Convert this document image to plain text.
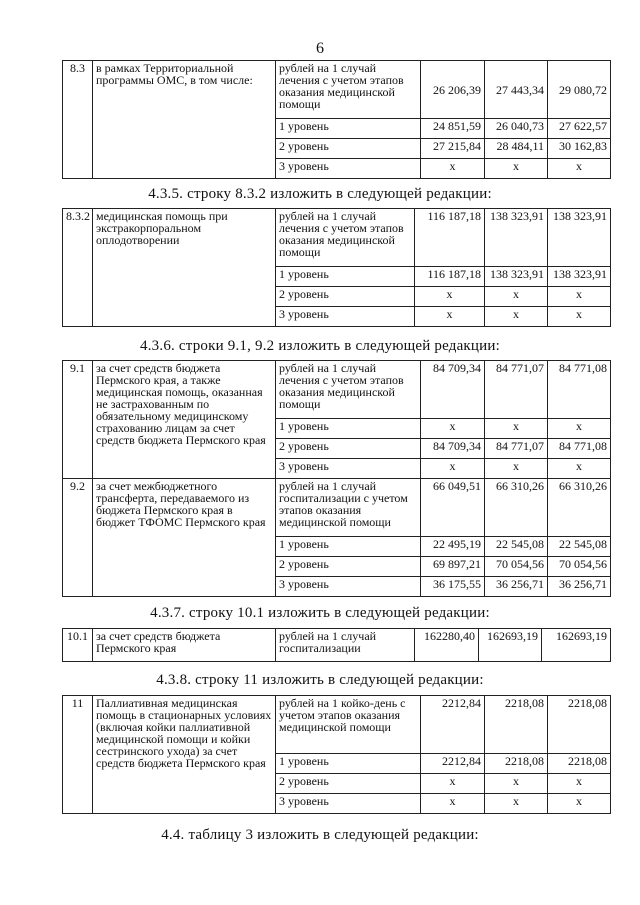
6
8.3	в рамках Территориальной программы ОМС, в том числе:	рублей на 1 случай лечения с учетом этапов оказания медицинской помощи	26 206,39	27 443,34	29 080,72
		1 уровень	24 851,59	26 040,73	27 622,57
		2 уровень	27 215,84	28 484,11	30 162,83
		3 уровень	x	x	x
4.3.5. строку 8.3.2 изложить в следующей редакции:
8.3.2	медицинская помощь при экстракорпоральном оплодотворении	рублей на 1 случай лечения с учетом этапов оказания медицинской помощи	116 187,18	138 323,91	138 323,91
		1 уровень	116 187,18	138 323,91	138 323,91
		2 уровень	x	x	x
		3 уровень	x	x	x
4.3.6. строки 9.1, 9.2 изложить в следующей редакции:
9.1	за счет средств бюджета Пермского края, а также медицинская помощь, оказанная не застрахованным по обязательному медицинскому страхованию лицам за счет средств бюджета Пермского края	рублей на 1 случай лечения с учетом этапов оказания медицинской помощи	84 709,34	84 771,07	84 771,08
		1 уровень	x	x	x
		2 уровень	84 709,34	84 771,07	84 771,08
		3 уровень	x	x	x
9.2	за счет межбюджетного трансферта, передаваемого из бюджета Пермского края в бюджет ТФОМС Пермского края	рублей на 1 случай госпитализации с учетом этапов оказания медицинской помощи	66 049,51	66 310,26	66 310,26
		1 уровень	22 495,19	22 545,08	22 545,08
		2 уровень	69 897,21	70 054,56	70 054,56
		3 уровень	36 175,55	36 256,71	36 256,71
4.3.7. строку 10.1 изложить в следующей редакции:
10.1	за счет средств бюджета Пермского края	рублей на 1 случай госпитализации	162280,40	162693,19	162693,19
4.3.8. строку 11 изложить в следующей редакции:
11	Паллиативная медицинская помощь в стационарных условиях (включая койки паллиативной медицинской помощи и койки сестринского ухода) за счет средств бюджета Пермского края	рублей на 1 койко-день с учетом этапов оказания медицинской помощи	2212,84	2218,08	2218,08
		1 уровень	2212,84	2218,08	2218,08
		2 уровень	x	x	x
		3 уровень	x	x	x
4.4. таблицу 3 изложить в следующей редакции:
